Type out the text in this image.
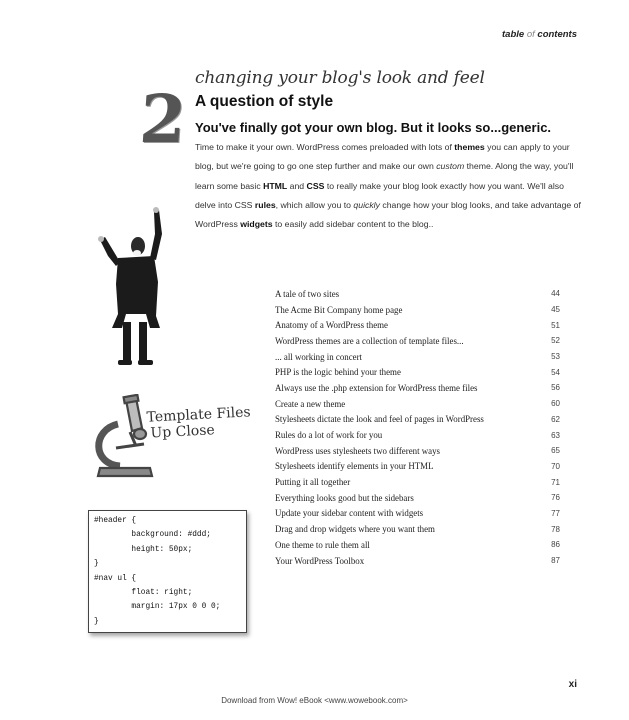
table of contents
2
changing your blog's look and feel
A question of style
You've finally got your own blog. But it looks so...generic.
Time to make it your own. WordPress comes preloaded with lots of themes you can apply to your blog, but we're going to go one step further and make our own custom theme. Along the way, you'll learn some basic HTML and CSS to really make your blog look exactly how you want. We'll also delve into CSS rules, which allow you to quickly change how your blog looks, and take advantage of WordPress widgets to easily add sidebar content to the blog..
Template Files
Up Close
#header {
background: #ddd;
height: 50px;
}
#nav ul {
float: right;
margin: 17px 0 0 0;
}
A tale of two sites	44
The Acme Bit Company home page	45
Anatomy of a WordPress theme	51
WordPress themes are a collection of template files...	52
... all working in concert	53
PHP is the logic behind your theme	54
Always use the .php extension for WordPress theme files	56
Create a new theme	60
Stylesheets dictate the look and feel of pages in WordPress	62
Rules do a lot of work for you	63
WordPress uses stylesheets two different ways	65
Stylesheets identify elements in your HTML	70
Putting it all together	71
Everything looks good but the sidebars	76
Update your sidebar content with widgets	77
Drag and drop widgets where you want them	78
One theme to rule them all	86
Your WordPress Toolbox	87
xi
Download from Wow! eBook <www.wowebook.com>
